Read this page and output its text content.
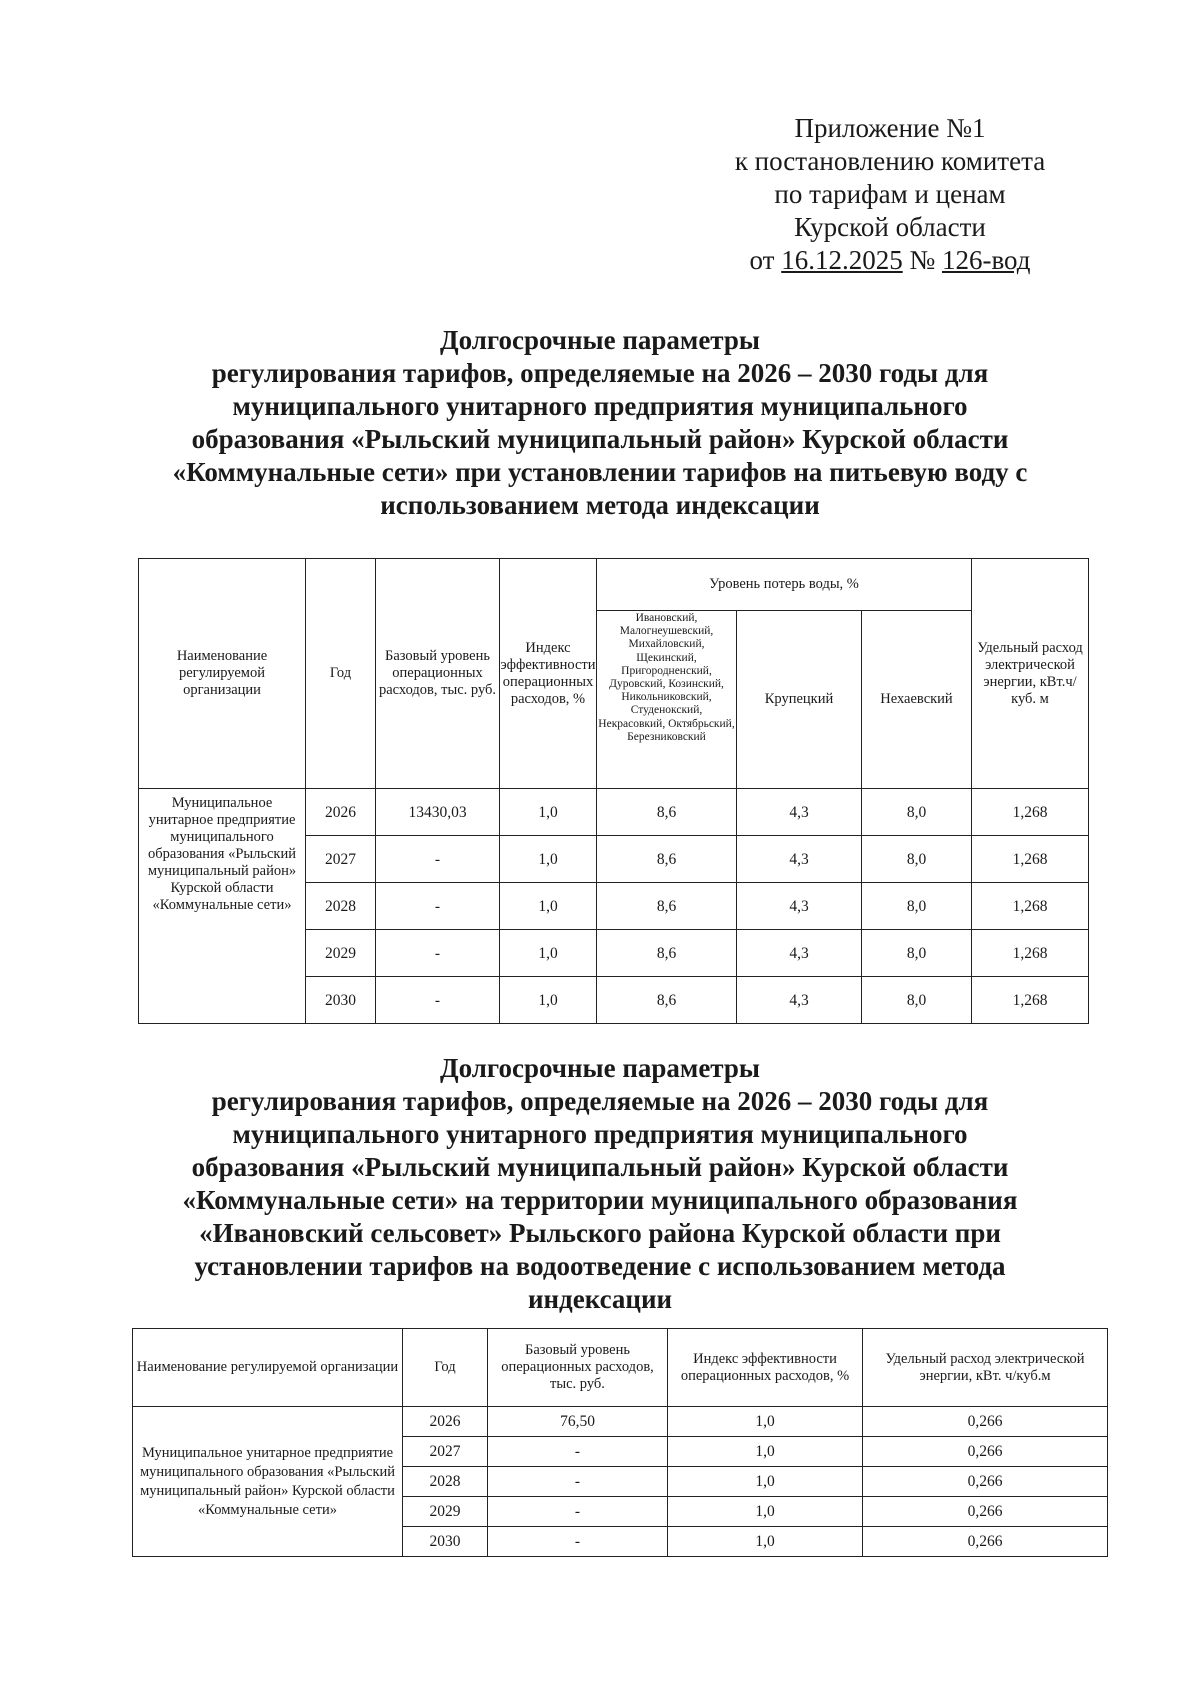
Приложение №1
к постановлению комитета
по тарифам и ценам
Курской области
от 16.12.2025 № 126-вод
Долгосрочные параметры
регулирования тарифов, определяемые на 2026 – 2030 годы для
муниципального унитарного предприятия муниципального
образования «Рыльский муниципальный район» Курской области
«Коммунальные сети» при установлении тарифов на питьевую воду с
использованием метода индексации
Наименование регулируемой организации	Год	Базовый уровень операционных расходов, тыс. руб.	Индекс эффективности операционных расходов, %	Уровень потерь воды, %			Удельный расход электрической энергии, кВт.ч/куб. м
				Ивановский, Малогнеушевский, Михайловский, Щекинский, Пригородненский, Дуровский, Козинский, Никольниковский, Студенокский, Некрасовкий, Октябрьский, Березниковский	Крупецкий	Нехаевский	
Муниципальное унитарное предприятие муниципального образования «Рыльский муниципальный район» Курской области «Коммунальные сети»	2026	13430,03	1,0	8,6	4,3	8,0	1,268
	2027	-	1,0	8,6	4,3	8,0	1,268
	2028	-	1,0	8,6	4,3	8,0	1,268
	2029	-	1,0	8,6	4,3	8,0	1,268
	2030	-	1,0	8,6	4,3	8,0	1,268
Долгосрочные параметры
регулирования тарифов, определяемые на 2026 – 2030 годы для
муниципального унитарного предприятия муниципального
образования «Рыльский муниципальный район» Курской области
«Коммунальные сети» на территории муниципального образования
«Ивановский сельсовет» Рыльского района Курской области при
установлении тарифов на водоотведение с использованием метода
индексации
Наименование регулируемой организации	Год	Базовый уровень операционных расходов, тыс. руб.	Индекс эффективности операционных расходов, %	Удельный расход электрической энергии, кВт. ч/куб.м
Муниципальное унитарное предприятие муниципального образования «Рыльский муниципальный район» Курской области «Коммунальные сети»	2026	76,50	1,0	0,266
	2027	-	1,0	0,266
	2028	-	1,0	0,266
	2029	-	1,0	0,266
	2030	-	1,0	0,266
